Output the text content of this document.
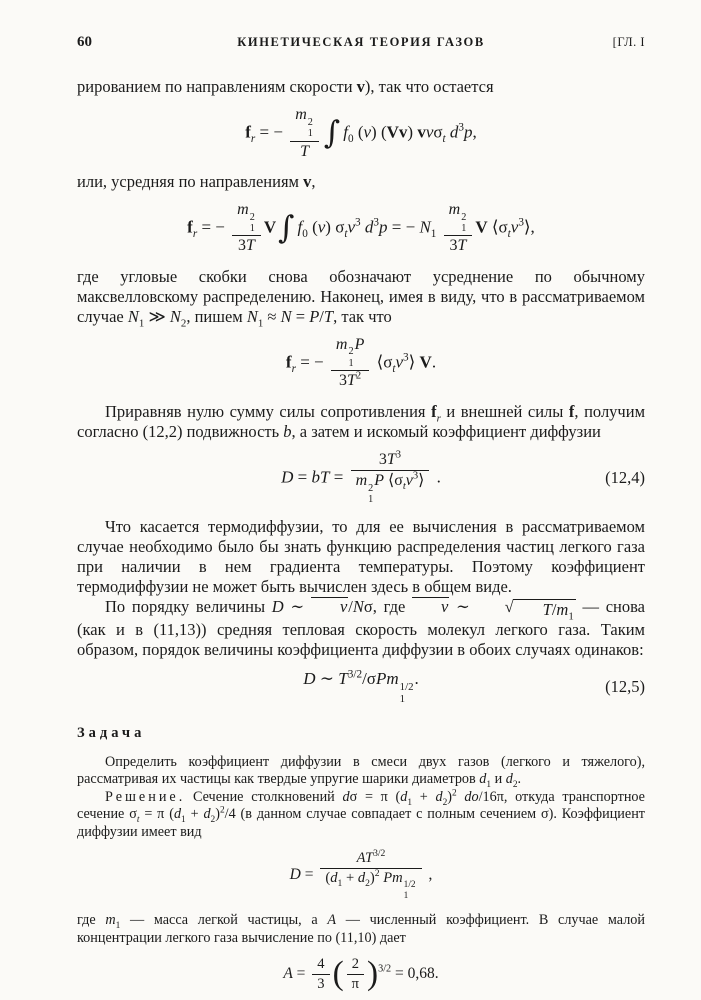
60	КИНЕТИЧЕСКАЯ ТЕОРИЯ ГАЗОВ	[ГЛ. I

рированием по направлениям скорости v), так что остается

$f_r$ = − m 2
1
T ∫ $f_0$ (v) (Vv) vvσ$_t$ $d^3p$,

или, усредняя по направлениям v,

$f_r$ = − m 2
1
3T V∫ $f_0$ (v) $\sigma_tv^3$ $d^3p$ = − $N_1$ m 2
1
3T V $⟨\sigma_tv^3⟩$,

где угловые скобки снова обозначают усреднение по обычному максвелловскому распределению. Наконец, имея в виду, что в рассматриваемом случае $N_1$ ≫ $N_2$, пишем $N_1 \approx N = P/T$, так что

$f_r$ = − m 2
1
P
$3T^2$ $⟨\sigma_tv^3⟩$ V.

Приравняв нулю сумму силы сопротивления $f_r$ и внешней силы f, получим согласно (12,2) подвижность b, а затем и искомый коэффициент диффузии

D = bT =
$3T^3$
m 2
1
P $⟨\sigma_tv^3⟩$ .	(12,4)

Что касается термодиффузии, то для ее вычисления в рассматриваемом случае необходимо было бы знать функцию распределения частиц легкого газа при наличии в нем градиента температуры. Поэтому коэффициент термодиффузии не может быть вычислен здесь в общем виде.

По порядку величины D ∼ v/Nσ, где v ∼	√	$T/m_1$
— снова (как и в (11,13)) средняя тепловая скорость молекул легкого газа. Таким образом, порядок величины коэффициента диффузии в обоих случаях одинаков:

D ∼ $T^{3/2}$/σPm 1/2
1
.	(12,5)
Задача

Определить коэффициент диффузии в смеси двух газов (легкого и тяжелого), рассматривая их частицы как твердые упругие шарики диаметров $d_1$ и $d_2$.

Решение. Сечение столкновений dσ = π $(d_1 + d_2)^2$ do/16π, откуда транспортное сечение $\sigma_t = \pi$ $(d_1 + d_2)^2/4$ (в данном случае совпадает с полным сечением σ). Коэффициент диффузии имеет вид

$D = AT^{3/2}$
$(d_1 + d_2)^2$ Pm 1/2
1 ,

где $m_1$ — масса легкой частицы, а A — численный коэффициент. В случае малой концентрации легкого газа вычисление по (11,10) дает

$A = \frac{4}{3}$ ( $\frac{2}{\pi} )^{3/2} = 0,68$.
